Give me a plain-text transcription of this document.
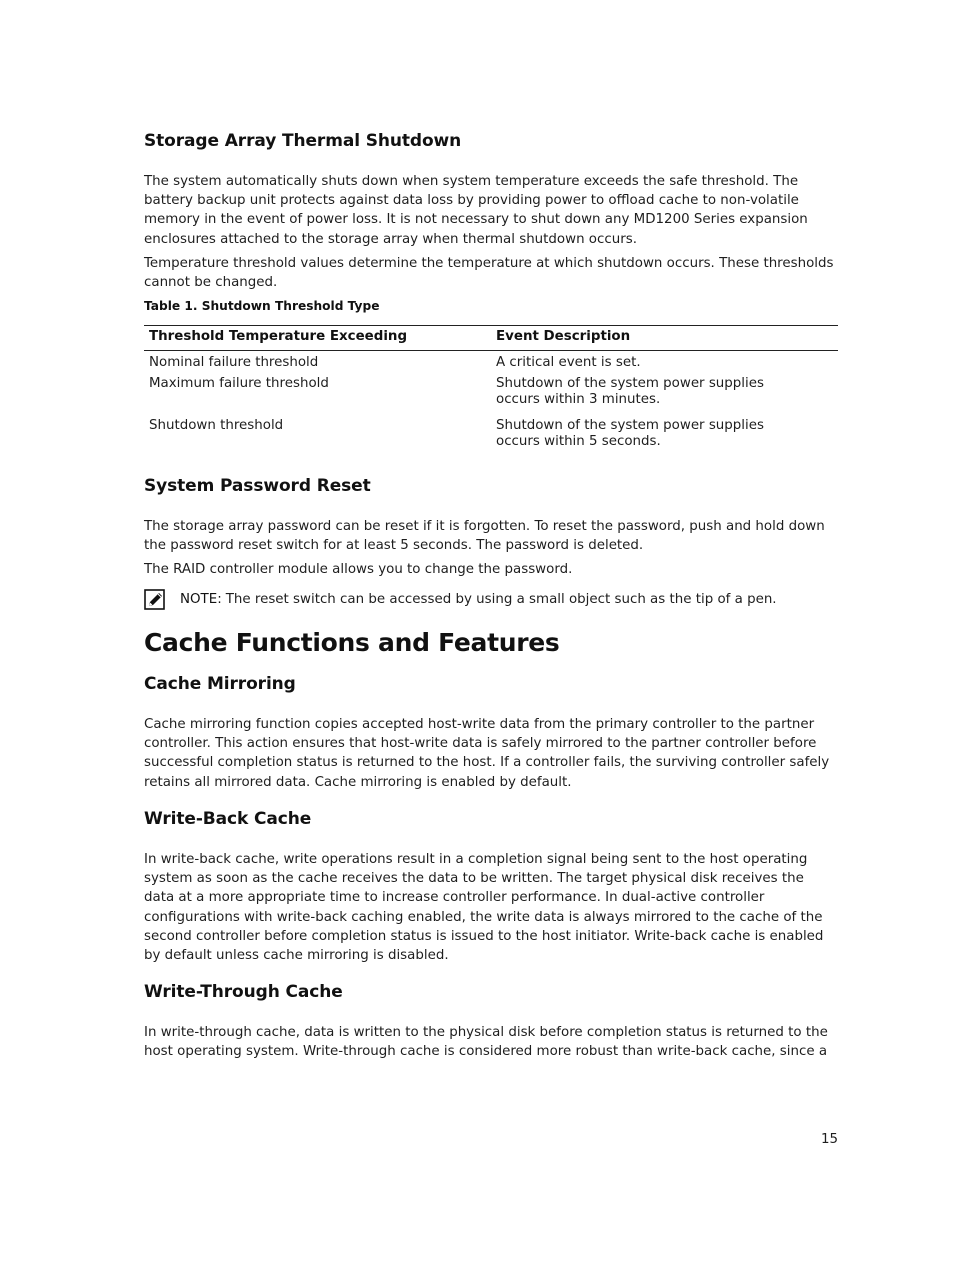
Storage Array Thermal Shutdown

The system automatically shuts down when system temperature exceeds the safe threshold. The battery backup unit protects against data loss by providing power to offload cache to non-volatile memory in the event of power loss. It is not necessary to shut down any MD1200 Series expansion enclosures attached to the storage array when thermal shutdown occurs.

Temperature threshold values determine the temperature at which shutdown occurs. These thresholds cannot be changed.

Table 1. Shutdown Threshold Type

Threshold Temperature Exceeding	Event Description
Nominal failure threshold	A critical event is set.
Maximum failure threshold	Shutdown of the system power supplies occurs within 3 minutes.
Shutdown threshold	Shutdown of the system power supplies occurs within 5 seconds.
System Password Reset

The storage array password can be reset if it is forgotten. To reset the password, push and hold down the password reset switch for at least 5 seconds. The password is deleted.

The RAID controller module allows you to change the password.

NOTE: The reset switch can be accessed by using a small object such as the tip of a pen.

Cache Functions and Features
Cache Mirroring

Cache mirroring function copies accepted host-write data from the primary controller to the partner controller. This action ensures that host-write data is safely mirrored to the partner controller before successful completion status is returned to the host. If a controller fails, the surviving controller safely retains all mirrored data. Cache mirroring is enabled by default.

Write-Back Cache

In write-back cache, write operations result in a completion signal being sent to the host operating system as soon as the cache receives the data to be written. The target physical disk receives the data at a more appropriate time to increase controller performance. In dual-active controller configurations with write-back caching enabled, the write data is always mirrored to the cache of the second controller before completion status is issued to the host initiator. Write-back cache is enabled by default unless cache mirroring is disabled.

Write-Through Cache

In write-through cache, data is written to the physical disk before completion status is returned to the host operating system. Write-through cache is considered more robust than write-back cache, since a

15
